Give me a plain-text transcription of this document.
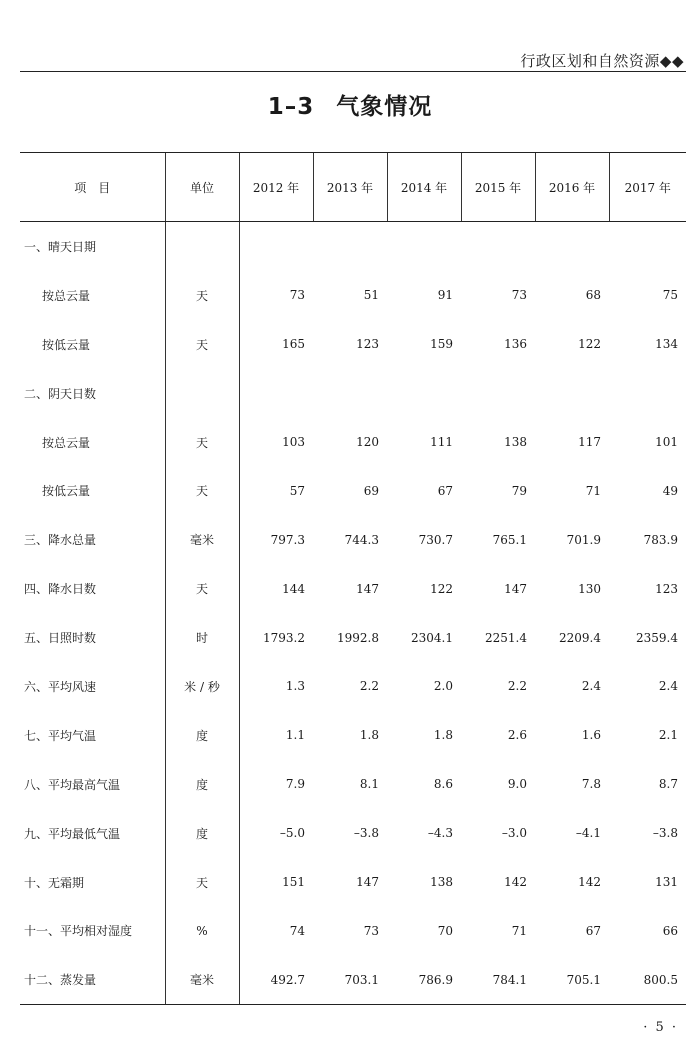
行政区划和自然资源◆◆
1–3 气象情况
项　目	单位	2012 年	2013 年	2014 年	2015 年	2016 年	2017 年
一、晴天日期							
按总云量	天	73	51	91	73	68	75
按低云量	天	165	123	159	136	122	134
二、阴天日数							
按总云量	天	103	120	111	138	117	101
按低云量	天	57	69	67	79	71	49
三、降水总量	毫米	797.3	744.3	730.7	765.1	701.9	783.9
四、降水日数	天	144	147	122	147	130	123
五、日照时数	时	1793.2	1992.8	2304.1	2251.4	2209.4	2359.4
六、平均风速	米 / 秒	1.3	2.2	2.0	2.2	2.4	2.4
七、平均气温	度	1.1	1.8	1.8	2.6	1.6	2.1
八、平均最高气温	度	7.9	8.1	8.6	9.0	7.8	8.7
九、平均最低气温	度	–5.0	–3.8	–4.3	–3.0	–4.1	–3.8
十、无霜期	天	151	147	138	142	142	131
十一、平均相对湿度	%	74	73	70	71	67	66
十二、蒸发量	毫米	492.7	703.1	786.9	784.1	705.1	800.5
· 5 ·
